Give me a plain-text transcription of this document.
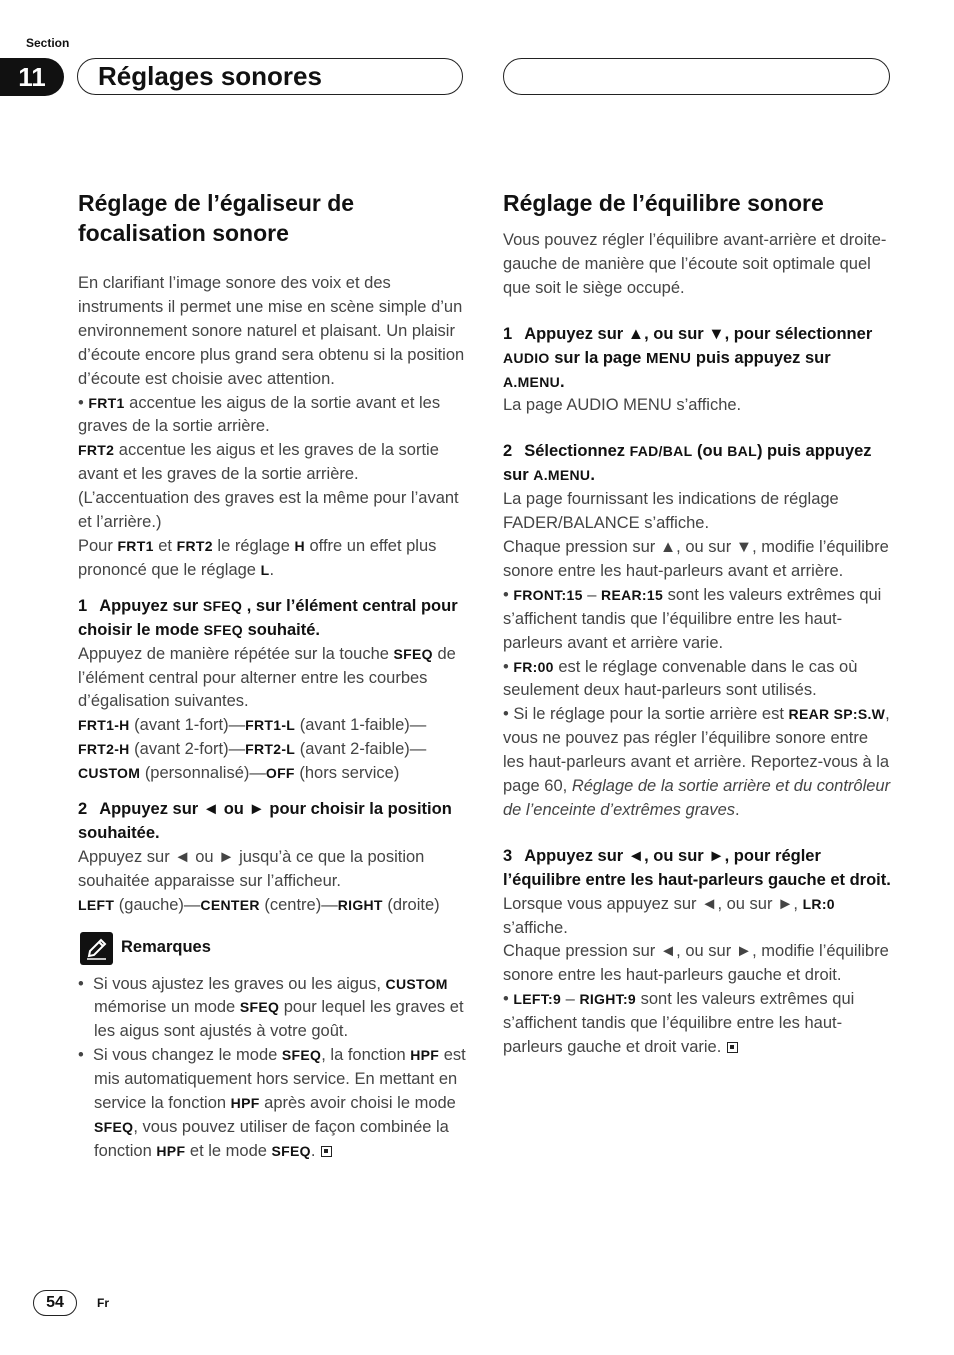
Section
11	Réglages sonores
Réglage de l’égaliseur de
focalisation sonore

En clarifiant l’image sonore des voix et des instruments il permet une mise en scène simple d’un environnement sonore naturel et plaisant. Un plaisir d’écoute encore plus grand sera obtenu si la position d’écoute est choisie avec attention.

• FRT1 accentue les aigus de la sortie avant et les graves de la sortie arrière.

FRT2 accentue les aigus et les graves de la sortie avant et les graves de la sortie arrière. (L’accentuation des graves est la même pour l’avant et l’arrière.)

Pour FRT1 et FRT2 le réglage H offre un effet plus prononcé que le réglage L.

1 Appuyez sur SFEQ , sur l’élément central pour choisir le mode SFEQ souhaité.

Appuyez de manière répétée sur la touche SFEQ de l’élément central pour alterner entre les courbes d’égalisation suivantes.

FRT1-H (avant 1-fort)—FRT1-L (avant 1-faible)—

FRT2-H (avant 2-fort)—FRT2-L (avant 2-faible)—

CUSTOM (personnalisé)—OFF (hors service)

2 Appuyez sur ◄ ou ► pour choisir la position souhaitée.

Appuyez sur ◄ ou ► jusqu’à ce que la position souhaitée apparaisse sur l’afficheur.

LEFT (gauche)—CENTER (centre)—RIGHT (droite)

Remarques

• Si vous ajustez les graves ou les aigus, CUSTOM mémorise un mode SFEQ pour lequel les graves et les aigus sont ajustés à votre goût.

• Si vous changez le mode SFEQ, la fonction HPF est mis automatiquement hors service. En mettant en service la fonction HPF après avoir choisi le mode SFEQ, vous pouvez utiliser de façon combinée la fonction HPF et le mode SFEQ.

Réglage de l’équilibre sonore

Vous pouvez régler l’équilibre avant-arrière et droite-gauche de manière que l’écoute soit optimale quel que soit le siège occupé.

1 Appuyez sur ▲, ou sur ▼, pour sélectionner AUDIO sur la page MENU puis appuyez sur A.MENU.

La page AUDIO MENU s’affiche.

2 Sélectionnez FAD/BAL (ou BAL) puis appuyez sur A.MENU.

La page fournissant les indications de réglage FADER/BALANCE s’affiche.

Chaque pression sur ▲, ou sur ▼, modifie l’équilibre sonore entre les haut-parleurs avant et arrière.

• FRONT:15 – REAR:15 sont les valeurs extrêmes qui s’affichent tandis que l’équilibre entre les haut-parleurs avant et arrière varie.

• FR:00 est le réglage convenable dans le cas où seulement deux haut-parleurs sont utilisés.

• Si le réglage pour la sortie arrière est REAR SP:S.W, vous ne pouvez pas régler l’équilibre sonore entre les haut-parleurs avant et arrière. Reportez-vous à la page 60, Réglage de la sortie arrière et du contrôleur de l’enceinte d’extrêmes graves.

3 Appuyez sur ◄, ou sur ►, pour régler l’équilibre entre les haut-parleurs gauche et droit.

Lorsque vous appuyez sur ◄, ou sur ►, LR:0 s’affiche.

Chaque pression sur ◄, ou sur ►, modifie l’équilibre sonore entre les haut-parleurs gauche et droit.

• LEFT:9 – RIGHT:9 sont les valeurs extrêmes qui s’affichent tandis que l’équilibre entre les haut-parleurs gauche et droit varie.

54	Fr
